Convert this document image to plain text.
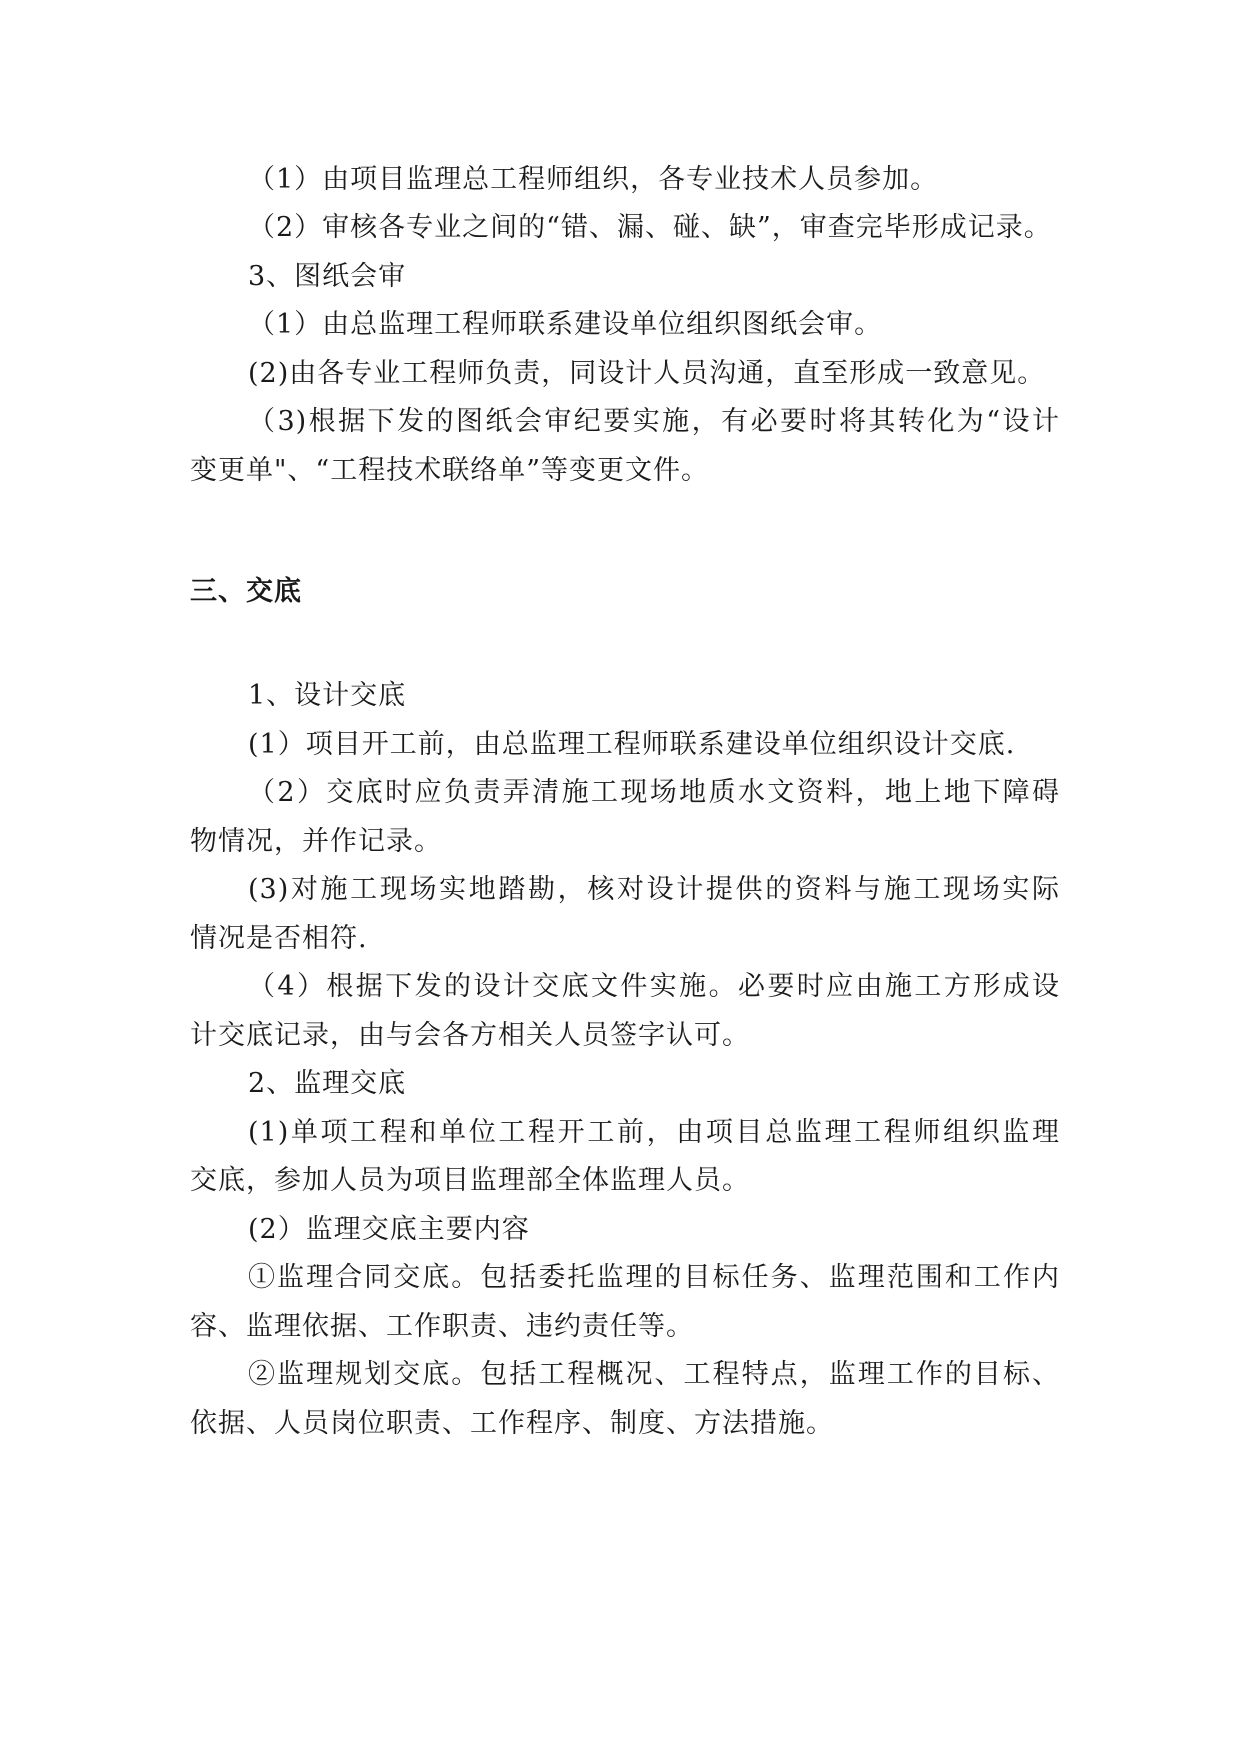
（1）由项目监理总工程师组织，各专业技术人员参加。
（2）审核各专业之间的“错、漏、碰、缺”，审查完毕形成记录。
3、图纸会审
（1）由总监理工程师联系建设单位组织图纸会审。
(2)由各专业工程师负责，同设计人员沟通，直至形成一致意见。
（3)根据下发的图纸会审纪要实施，有必要时将其转化为“设计
变更单"、“工程技术联络单”等变更文件。
三、交底
1、设计交底
(1）项目开工前，由总监理工程师联系建设单位组织设计交底.
（2）交底时应负责弄清施工现场地质水文资料，地上地下障碍
物情况，并作记录。
(3)对施工现场实地踏勘，核对设计提供的资料与施工现场实际
情况是否相符.
（4）根据下发的设计交底文件实施。必要时应由施工方形成设
计交底记录，由与会各方相关人员签字认可。
2、监理交底
(1)单项工程和单位工程开工前，由项目总监理工程师组织监理
交底，参加人员为项目监理部全体监理人员。
(2）监理交底主要内容
①监理合同交底。包括委托监理的目标任务、监理范围和工作内
容、监理依据、工作职责、违约责任等。
②监理规划交底。包括工程概况、工程特点，监理工作的目标、
依据、人员岗位职责、工作程序、制度、方法措施。
